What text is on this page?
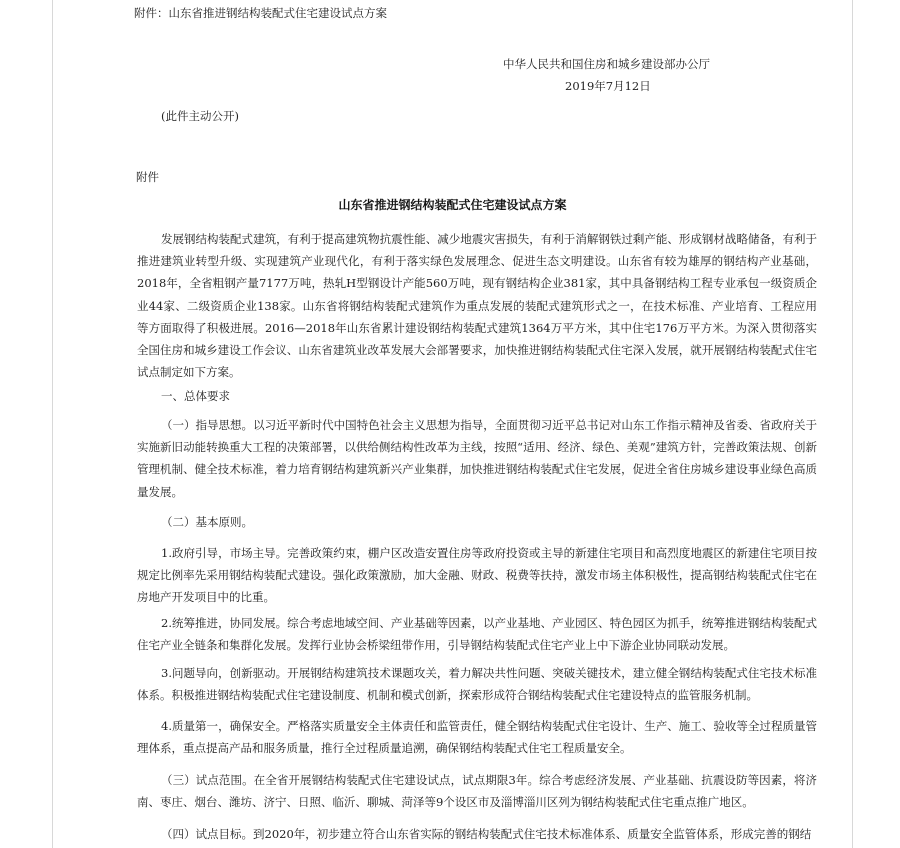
附件：山东省推进钢结构装配式住宅建设试点方案
中华人民共和国住房和城乡建设部办公厅
2019年7月12日
(此件主动公开)
附件
山东省推进钢结构装配式住宅建设试点方案
发展钢结构装配式建筑，有利于提高建筑物抗震性能、减少地震灾害损失，有利于消解钢铁过剩产能、形成钢材战略储备，有利于推进建筑业转型升级、实现建筑产业现代化，有利于落实绿色发展理念、促进生态文明建设。山东省有较为雄厚的钢结构产业基础，2018年，全省粗钢产量7177万吨，热轧H型钢设计产能560万吨，现有钢结构企业381家，其中具备钢结构工程专业承包一级资质企业44家、二级资质企业138家。山东省将钢结构装配式建筑作为重点发展的装配式建筑形式之一，在技术标准、产业培育、工程应用等方面取得了积极进展。2016—2018年山东省累计建设钢结构装配式建筑1364万平方米，其中住宅176万平方米。为深入贯彻落实全国住房和城乡建设工作会议、山东省建筑业改革发展大会部署要求，加快推进钢结构装配式住宅深入发展，就开展钢结构装配式住宅试点制定如下方案。
一、总体要求
（一）指导思想。以习近平新时代中国特色社会主义思想为指导，全面贯彻习近平总书记对山东工作指示精神及省委、省政府关于实施新旧动能转换重大工程的决策部署，以供给侧结构性改革为主线，按照“适用、经济、绿色、美观”建筑方针，完善政策法规、创新管理机制、健全技术标准，着力培育钢结构建筑新兴产业集群，加快推进钢结构装配式住宅发展，促进全省住房城乡建设事业绿色高质量发展。
（二）基本原则。
1.政府引导，市场主导。完善政策约束，棚户区改造安置住房等政府投资或主导的新建住宅项目和高烈度地震区的新建住宅项目按规定比例率先采用钢结构装配式建设。强化政策激励，加大金融、财政、税费等扶持，激发市场主体积极性，提高钢结构装配式住宅在房地产开发项目中的比重。
2.统筹推进，协同发展。综合考虑地域空间、产业基础等因素，以产业基地、产业园区、特色园区为抓手，统筹推进钢结构装配式住宅产业全链条和集群化发展。发挥行业协会桥梁纽带作用，引导钢结构装配式住宅产业上中下游企业协同联动发展。
3.问题导向，创新驱动。开展钢结构建筑技术课题攻关，着力解决共性问题、突破关键技术，建立健全钢结构装配式住宅技术标准体系。积极推进钢结构装配式住宅建设制度、机制和模式创新，探索形成符合钢结构装配式住宅建设特点的监管服务机制。
4.质量第一，确保安全。严格落实质量安全主体责任和监管责任，健全钢结构装配式住宅设计、生产、施工、验收等全过程质量管理体系，重点提高产品和服务质量，推行全过程质量追溯，确保钢结构装配式住宅工程质量安全。
（三）试点范围。在全省开展钢结构装配式住宅建设试点，试点期限3年。综合考虑经济发展、产业基础、抗震设防等因素，将济南、枣庄、烟台、潍坊、济宁、日照、临沂、聊城、菏泽等9个设区市及淄博淄川区列为钢结构装配式住宅重点推广地区。
（四）试点目标。到2020年，初步建立符合山东省实际的钢结构装配式住宅技术标准体系、质量安全监管体系，形成完善的钢结
